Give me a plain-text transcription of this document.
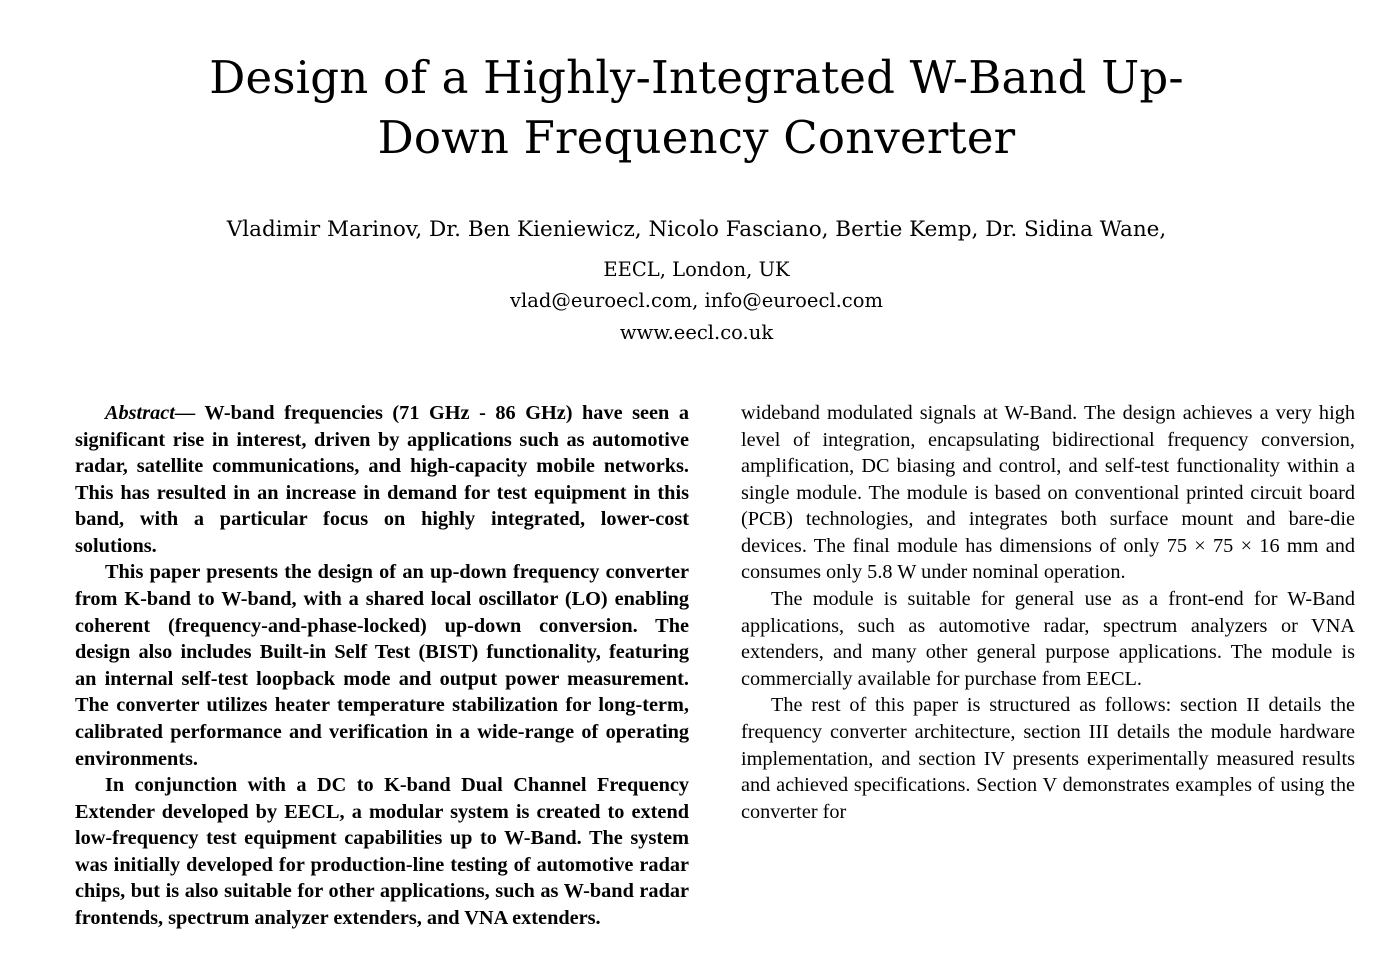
Design of a Highly-Integrated W-Band Up-Down Frequency Converter
Vladimir Marinov, Dr. Ben Kieniewicz, Nicolo Fasciano, Bertie Kemp, Dr. Sidina Wane,
EECL, London, UK
vlad@euroecl.com, info@euroecl.com
www.eecl.co.uk

Abstract— W-band frequencies (71 GHz - 86 GHz) have seen a significant rise in interest, driven by applications such as automotive radar, satellite communications, and high-capacity mobile networks. This has resulted in an increase in demand for test equipment in this band, with a particular focus on highly integrated, lower-cost solutions.

This paper presents the design of an up-down frequency converter from K-band to W-band, with a shared local oscillator (LO) enabling coherent (frequency-and-phase-locked) up-down conversion. The design also includes Built-in Self Test (BIST) functionality, featuring an internal self-test loopback mode and output power measurement. The converter utilizes heater temperature stabilization for long-term, calibrated performance and verification in a wide-range of operating environments.

In conjunction with a DC to K-band Dual Channel Frequency Extender developed by EECL, a modular system is created to extend low-frequency test equipment capabilities up to W-Band. The system was initially developed for production-line testing of automotive radar chips, but is also suitable for other applications, such as W-band radar frontends, spectrum analyzer extenders, and VNA extenders.

wideband modulated signals at W-Band. The design achieves a very high level of integration, encapsulating bidirectional frequency conversion, amplification, DC biasing and control, and self-test functionality within a single module. The module is based on conventional printed circuit board (PCB) technologies, and integrates both surface mount and bare-die devices. The final module has dimensions of only 75 × 75 × 16 mm and consumes only 5.8 W under nominal operation.

The module is suitable for general use as a front-end for W-Band applications, such as automotive radar, spectrum analyzers or VNA extenders, and many other general purpose applications. The module is commercially available for purchase from EECL.

The rest of this paper is structured as follows: section II details the frequency converter architecture, section III details the module hardware implementation, and section IV presents experimentally measured results and achieved specifications. Section V demonstrates examples of using the converter for
